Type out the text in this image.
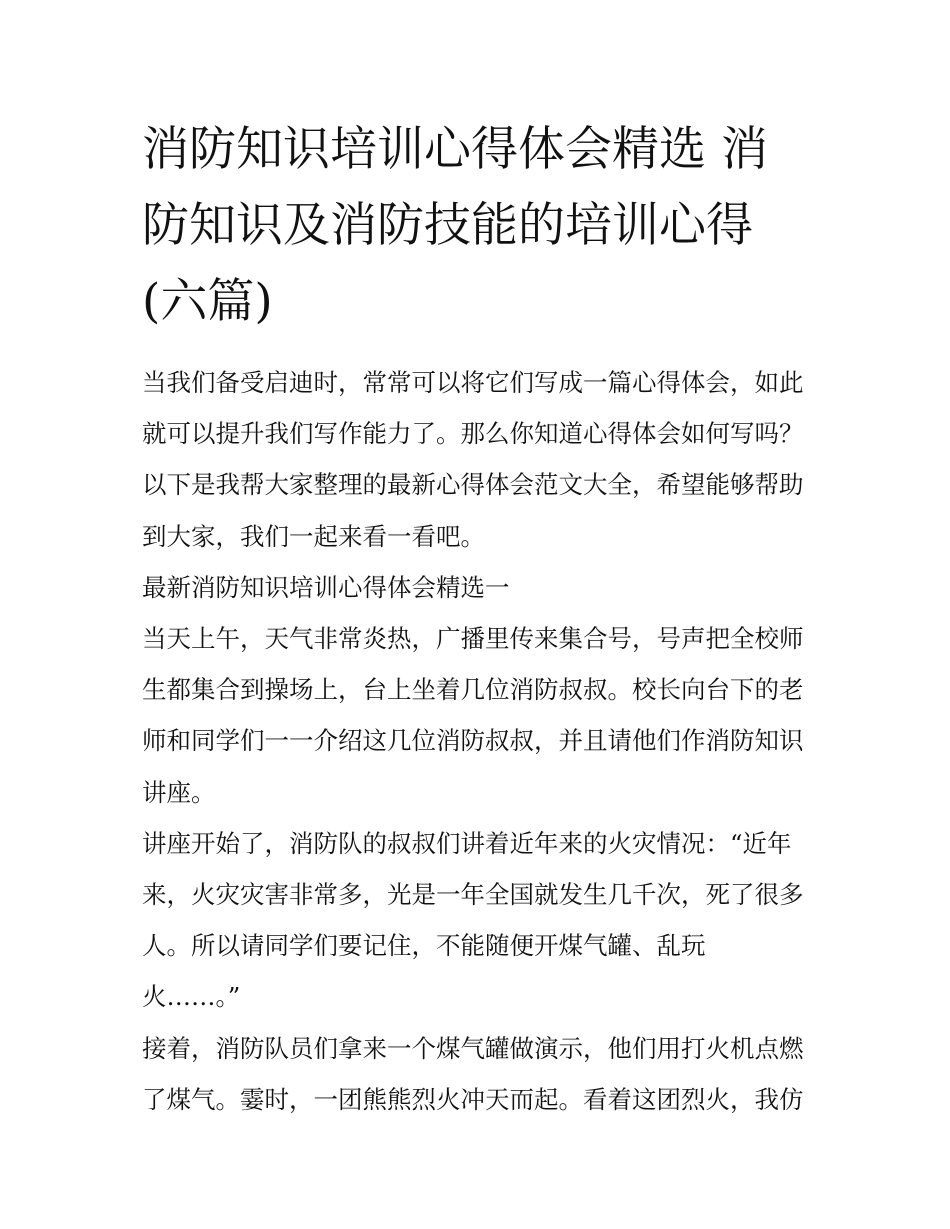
消防知识培训心得体会精选 消
防知识及消防技能的培训心得
(六篇)

当我们备受启迪时，常常可以将它们写成一篇心得体会，如此
就可以提升我们写作能力了。那么你知道心得体会如何写吗？
以下是我帮大家整理的最新心得体会范文大全，希望能够帮助
到大家，我们一起来看一看吧。

最新消防知识培训心得体会精选一

当天上午，天气非常炎热，广播里传来集合号，号声把全校师
生都集合到操场上，台上坐着几位消防叔叔。校长向台下的老
师和同学们一一介绍这几位消防叔叔，并且请他们作消防知识
讲座。

讲座开始了，消防队的叔叔们讲着近年来的火灾情况：“近年
来，火灾灾害非常多，光是一年全国就发生几千次，死了很多
人。所以请同学们要记住，不能随便开煤气罐、乱玩
火……。”

接着，消防队员们拿来一个煤气罐做演示，他们用打火机点燃
了煤气。霎时，一团熊熊烈火冲天而起。看着这团烈火，我仿
